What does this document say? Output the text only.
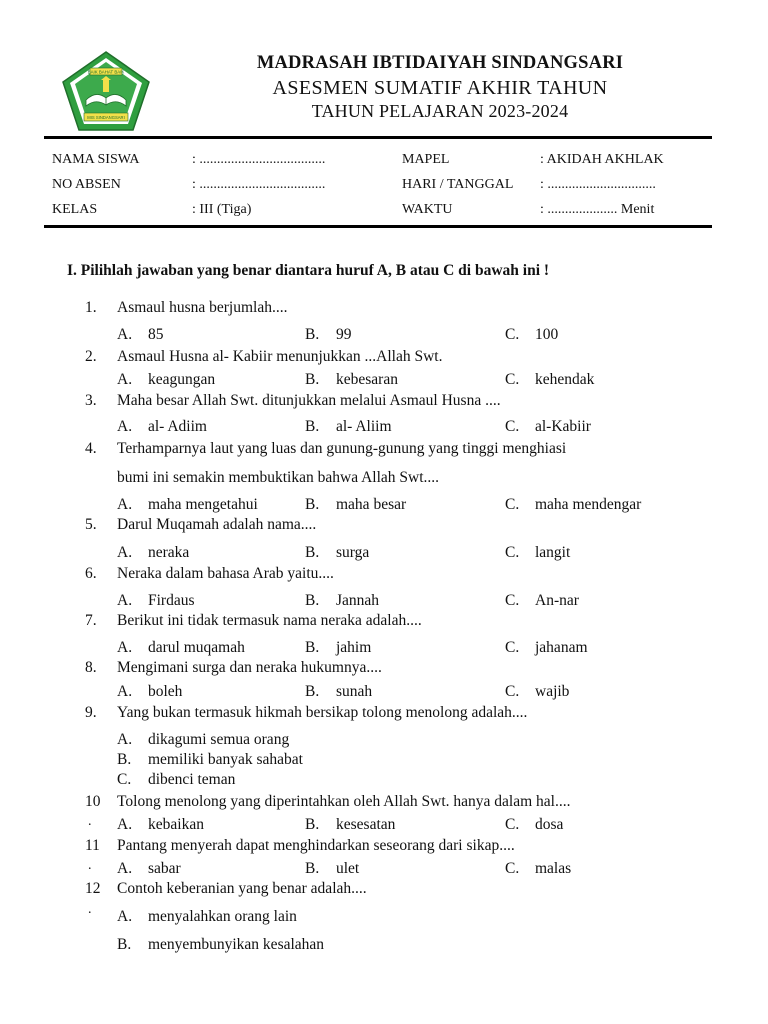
BAIK BAHAT BAIK
MIS SINDANGSARI
MADRASAH IBTIDAIYAH SINDANGSARI
ASESMEN SUMATIF AKHIR TAHUN
TAHUN PELAJARAN 2023-2024
NAMA SISWA	: ....................................
NO ABSEN	: ....................................
KELAS	: III (Tiga)
MAPEL	: AKIDAH AKHLAK
HARI / TANGGAL : ...............................
WAKTU	: .................... Menit
I. Pilihlah jawaban yang benar diantara huruf A, B atau C di bawah ini !
1. Asmaul husna berjumlah....
A. 85	B. 99	C. 100
2. Asmaul Husna al- Kabiir menunjukkan ...Allah Swt.
A. keagungan	B. kebesaran	C. kehendak
3. Maha besar Allah Swt. ditunjukkan melalui Asmaul Husna ....
A. al- Adiim	B. al- Aliim	C. al-Kabiir
4. Terhamparnya laut yang luas dan gunung-gunung yang tinggi menghiasi
bumi ini semakin membuktikan bahwa Allah Swt....
A. maha mengetahui	B. maha besar	C. maha mendengar
5. Darul Muqamah adalah nama....
A. neraka	B. surga	C. langit
6. Neraka dalam bahasa Arab yaitu....
A. Firdaus	B. Jannah	C. An-nar
7. Berikut ini tidak termasuk nama neraka adalah....
A. darul muqamah	B. jahim	C. jahanam
8. Mengimani surga dan neraka hukumnya....
A. boleh	B. sunah	C. wajib
9. Yang bukan termasuk hikmah bersikap tolong menolong adalah....
A. dikagumi semua orang
B. memiliki banyak sahabat
C. dibenci teman
10 Tolong menolong yang diperintahkan oleh Allah Swt. hanya dalam hal....
. A. kebaikan	B. kesesatan	C. dosa
11 Pantang menyerah dapat menghindarkan seseorang dari sikap....
. A. sabar	B. ulet	C. malas
12 Contoh keberanian yang benar adalah....
. A. menyalahkan orang lain
B. menyembunyikan kesalahan
